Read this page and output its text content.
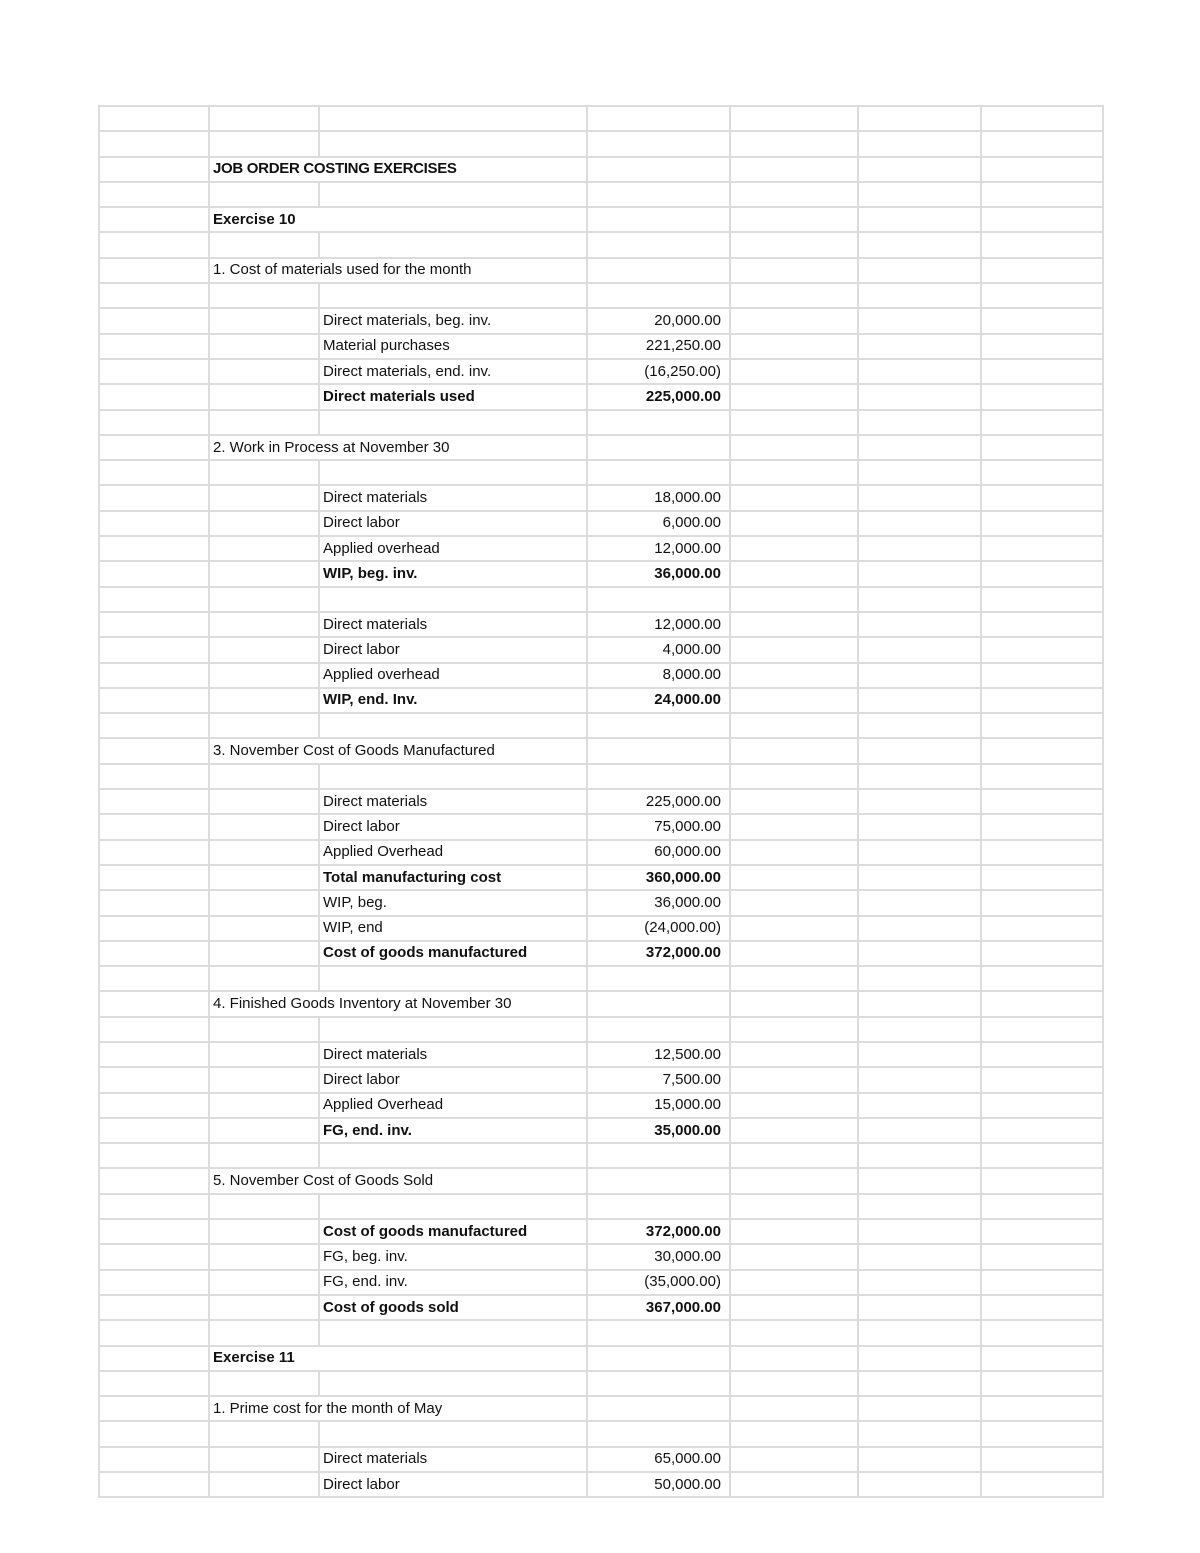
	JOB ORDER COSTING EXERCISES					

	Exercise 10					

	1. Cost of materials used for the month					

		Direct materials, beg. inv.	20,000.00			
		Material purchases	221,250.00			
		Direct materials, end. inv.	(16,250.00)			
		Direct materials used	225,000.00			

	2. Work in Process at November 30					

		Direct materials	18,000.00			
		Direct labor	6,000.00			
		Applied overhead	12,000.00			
		WIP, beg. inv.	36,000.00			

		Direct materials	12,000.00			
		Direct labor	4,000.00			
		Applied overhead	8,000.00			
		WIP, end. Inv.	24,000.00			

	3. November Cost of Goods Manufactured					

		Direct materials	225,000.00			
		Direct labor	75,000.00			
		Applied Overhead	60,000.00			
		Total manufacturing cost	360,000.00			
		WIP, beg.	36,000.00			
		WIP, end	(24,000.00)			
		Cost of goods manufactured	372,000.00			

	4. Finished Goods Inventory at November 30					

		Direct materials	12,500.00			
		Direct labor	7,500.00			
		Applied Overhead	15,000.00			
		FG, end. inv.	35,000.00			

	5. November Cost of Goods Sold					

		Cost of goods manufactured	372,000.00			
		FG, beg. inv.	30,000.00			
		FG, end. inv.	(35,000.00)			
		Cost of goods sold	367,000.00			

	Exercise 11					

	1. Prime cost for the month of May					

		Direct materials	65,000.00			
		Direct labor	50,000.00			
